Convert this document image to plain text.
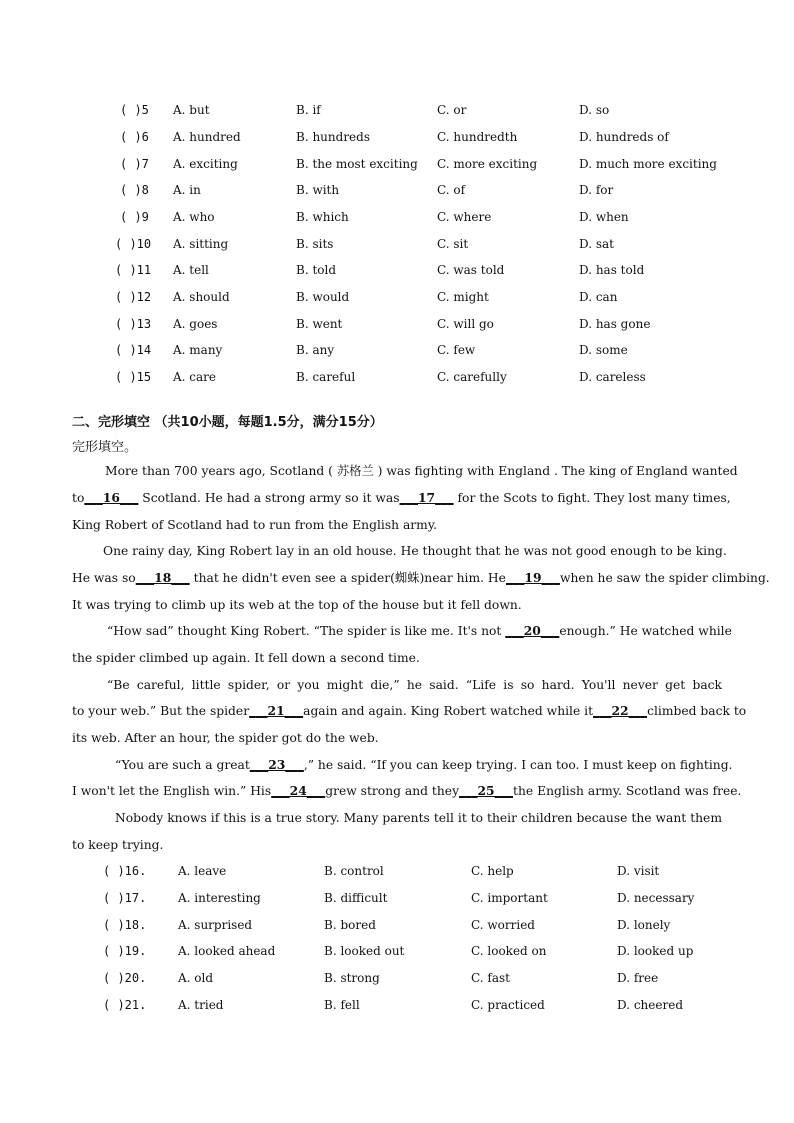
( )5 A. but	B. if	C. or	D. so
( )6 A. hundred	B. hundreds	C. hundredth	D. hundreds of
( )7 A. exciting	B. the most exciting C. more exciting	D. much more exciting
( )8 A. in	B. with	C. of	D. for
( )9 A. who	B. which	C. where	D. when
( )10 A. sitting	B. sits	C. sit	D. sat
( )11 A. tell	B. told	C. was told	D. has told
( )12 A. should	B. would	C. might	D. can
( )13 A. goes	B. went	C. will go	D. has gone
( )14 A. many	B. any	C. few	D. some
( )15 A. care	B. careful	C. carefully	D. careless
二、完形填空 （共10小题，每题1.5分，满分15分）
完形填空。
More than 700 years ago, Scotland ( 苏格兰 ) was fighting with England . The king of England wanted
to___16___ Scotland. He had a strong army so it was___17___ for the Scots to fight. They lost many times,
King Robert of Scotland had to run from the English army.
One rainy day, King Robert lay in an old house. He thought that he was not good enough to be king.
He was so___18___ that he didn't even see a spider(蜘蛛)near him. He___19___when he saw the spider climbing.
It was trying to climb up its web at the top of the house but it fell down.
“How sad” thought King Robert. “The spider is like me. It's not ___20___enough.” He watched while
the spider climbed up again. It fell down a second time.
“Be careful, little spider, or you might die,” he said. “Life is so hard. You'll never get back
to your web.” But the spider___21___again and again. King Robert watched while it___22___climbed back to
its web. After an hour, the spider got do the web.
“You are such a great___23___,” he said. “If you can keep trying. I can too. I must keep on fighting.
I won't let the English win.” His___24___grew strong and they___25___the English army. Scotland was free.
Nobody knows if this is a true story. Many parents tell it to their children because the want them
to keep trying.
( )16.	A. leave	B. control	C. help	D. visit
( )17.	A. interesting	B. difficult	C. important	D. necessary
( )18.	A. surprised	B. bored	C. worried	D. lonely
( )19.	A. looked ahead	B. looked out	C. looked on	D. looked up
( )20.	A. old	B. strong	C. fast	D. free
( )21.	A. tried	B. fell	C. practiced	D. cheered
